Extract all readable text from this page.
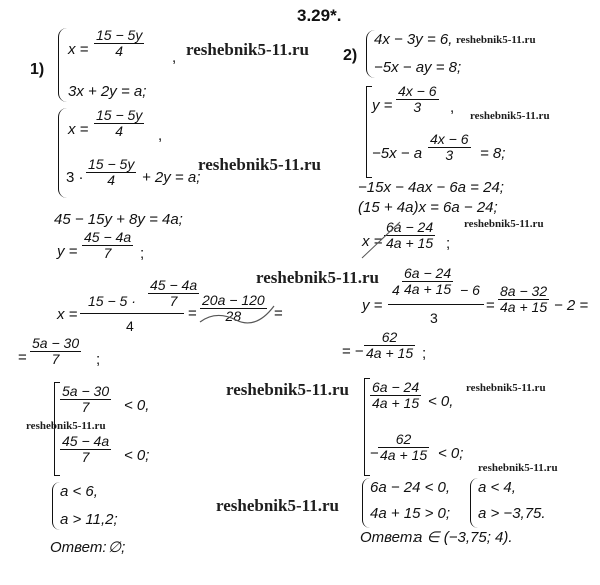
3.29*.
1)
x =
15 − 5y
4	,
3x + 2y = a;
x =
15 − 5y
4 ,
3 ·
15 − 5y
4 + 2y = a;
45 − 15y + 8y = 4a;
y =
45 − 4a
7 ;
x =
15 − 5 ·
45 − 4a
7
4
=
20a − 120
28 =
=
5a − 30
7 ;
5a − 30
7 < 0,
45 − 4a
7 < 0;
a < 6,
a > 11,2;
Ответ: ∅;
2)
4x − 3y = 6,
−5x − ay = 8;
y =
4x − 6
3 ,
−5x − a
4x − 6
3 = 8;
−15x − 4ax − 6a = 24;
(15 + 4a)x = 6a − 24;
x =
6a − 24
4a + 15 ;
y =
4
6a − 24
4a + 15 − 6
3
=
8a − 32
4a + 15 − 2 =
= −
62
4a + 15 ;
6a − 24
4a + 15 < 0,
−
62
4a + 15 < 0;
6a − 24 < 0,
4a + 15 > 0;
a < 4,
a > −3,75.
Ответ:
a ∈ (−3,75; 4).
reshebnik5-11.ru	reshebnik5-11.ru
reshebnik5-11.ru
reshebnik5-11.ru
reshebnik5-11.ru
reshebnik5-11.ru
reshebnik5-11.ru	reshebnik5-11.ru
reshebnik5-11.ru
reshebnik5-11.ru
reshebnik5-11.ru
